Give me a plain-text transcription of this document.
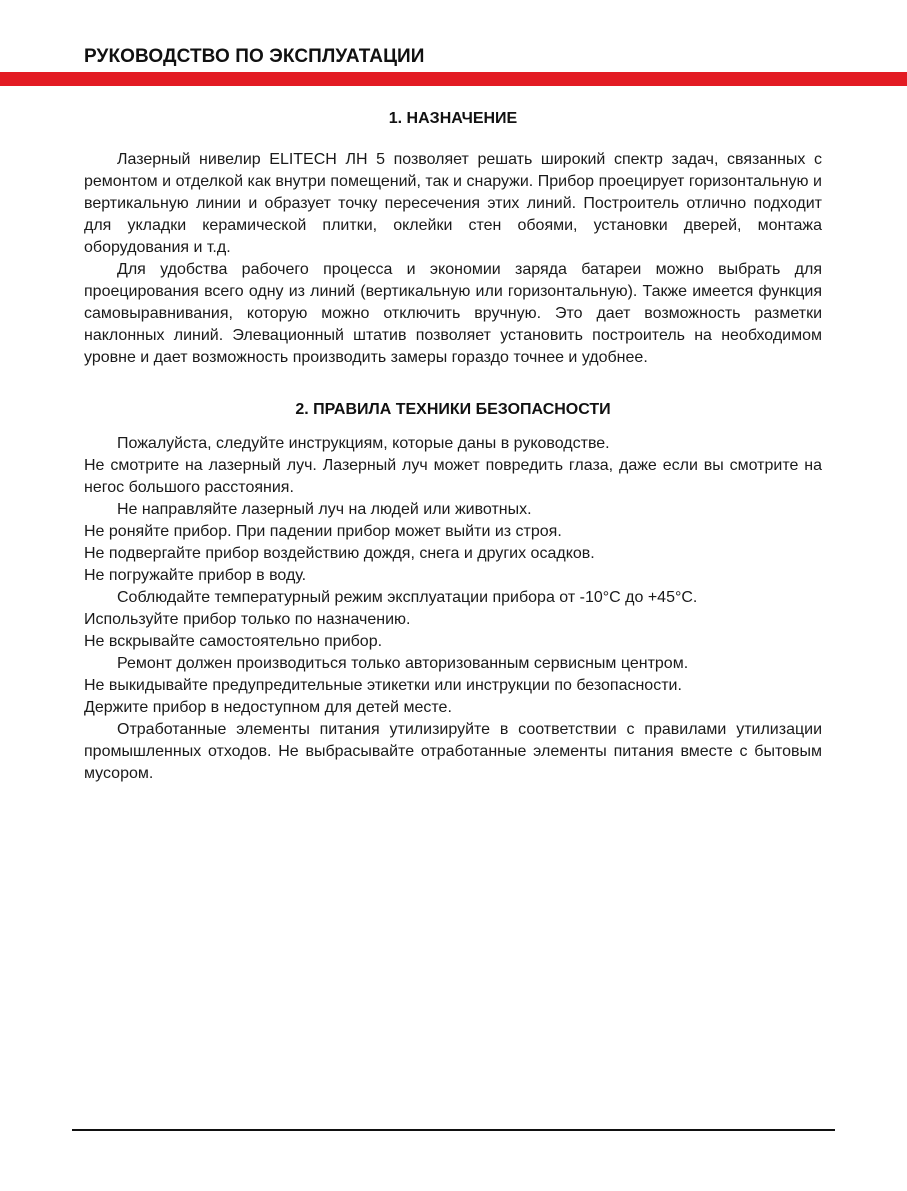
РУКОВОДСТВО ПО ЭКСПЛУАТАЦИИ
1. НАЗНАЧЕНИЕ

Лазерный нивелир ELITECH ЛН 5 позволяет решать широкий спектр задач, связанных с ремонтом и отделкой как внутри помещений, так и снаружи. Прибор проецирует горизонтальную и вертикальную линии и образует точку пересечения этих линий. Построитель отлично подходит для укладки керамической плитки, оклейки стен обоями, установки дверей, монтажа оборудования и т.д.

Для удобства рабочего процесса и экономии заряда батареи можно выбрать для проецирования всего одну из линий (вертикальную или горизонтальную). Также имеется функция самовыравнивания, которую можно отключить вручную. Это дает возможность разметки наклонных линий. Элевационный штатив позволяет установить построитель на необходимом уровне и дает возможность производить замеры гораздо точнее и удобнее.

2. ПРАВИЛА ТЕХНИКИ БЕЗОПАСНОСТИ

Пожалуйста, следуйте инструкциям, которые даны в руководстве.

Не смотрите на лазерный луч. Лазерный луч может повредить глаза, даже если вы смотрите на негос большого расстояния.

Не направляйте лазерный луч на людей или животных.

Не роняйте прибор. При падении прибор может выйти из строя.

Не подвергайте прибор воздействию дождя, снега и других осадков.

Не погружайте прибор в воду.

Соблюдайте температурный режим эксплуатации прибора от -10°С до +45°С.

Используйте прибор только по назначению.

Не вскрывайте самостоятельно прибор.

Ремонт должен производиться только авторизованным сервисным центром.

Не выкидывайте предупредительные этикетки или инструкции по безопасности.

Держите прибор в недоступном для детей месте.

Отработанные элементы питания утилизируйте в соответствии с правилами утилизации промышленных отходов. Не выбрасывайте отработанные элементы питания вместе с бытовым мусором.
